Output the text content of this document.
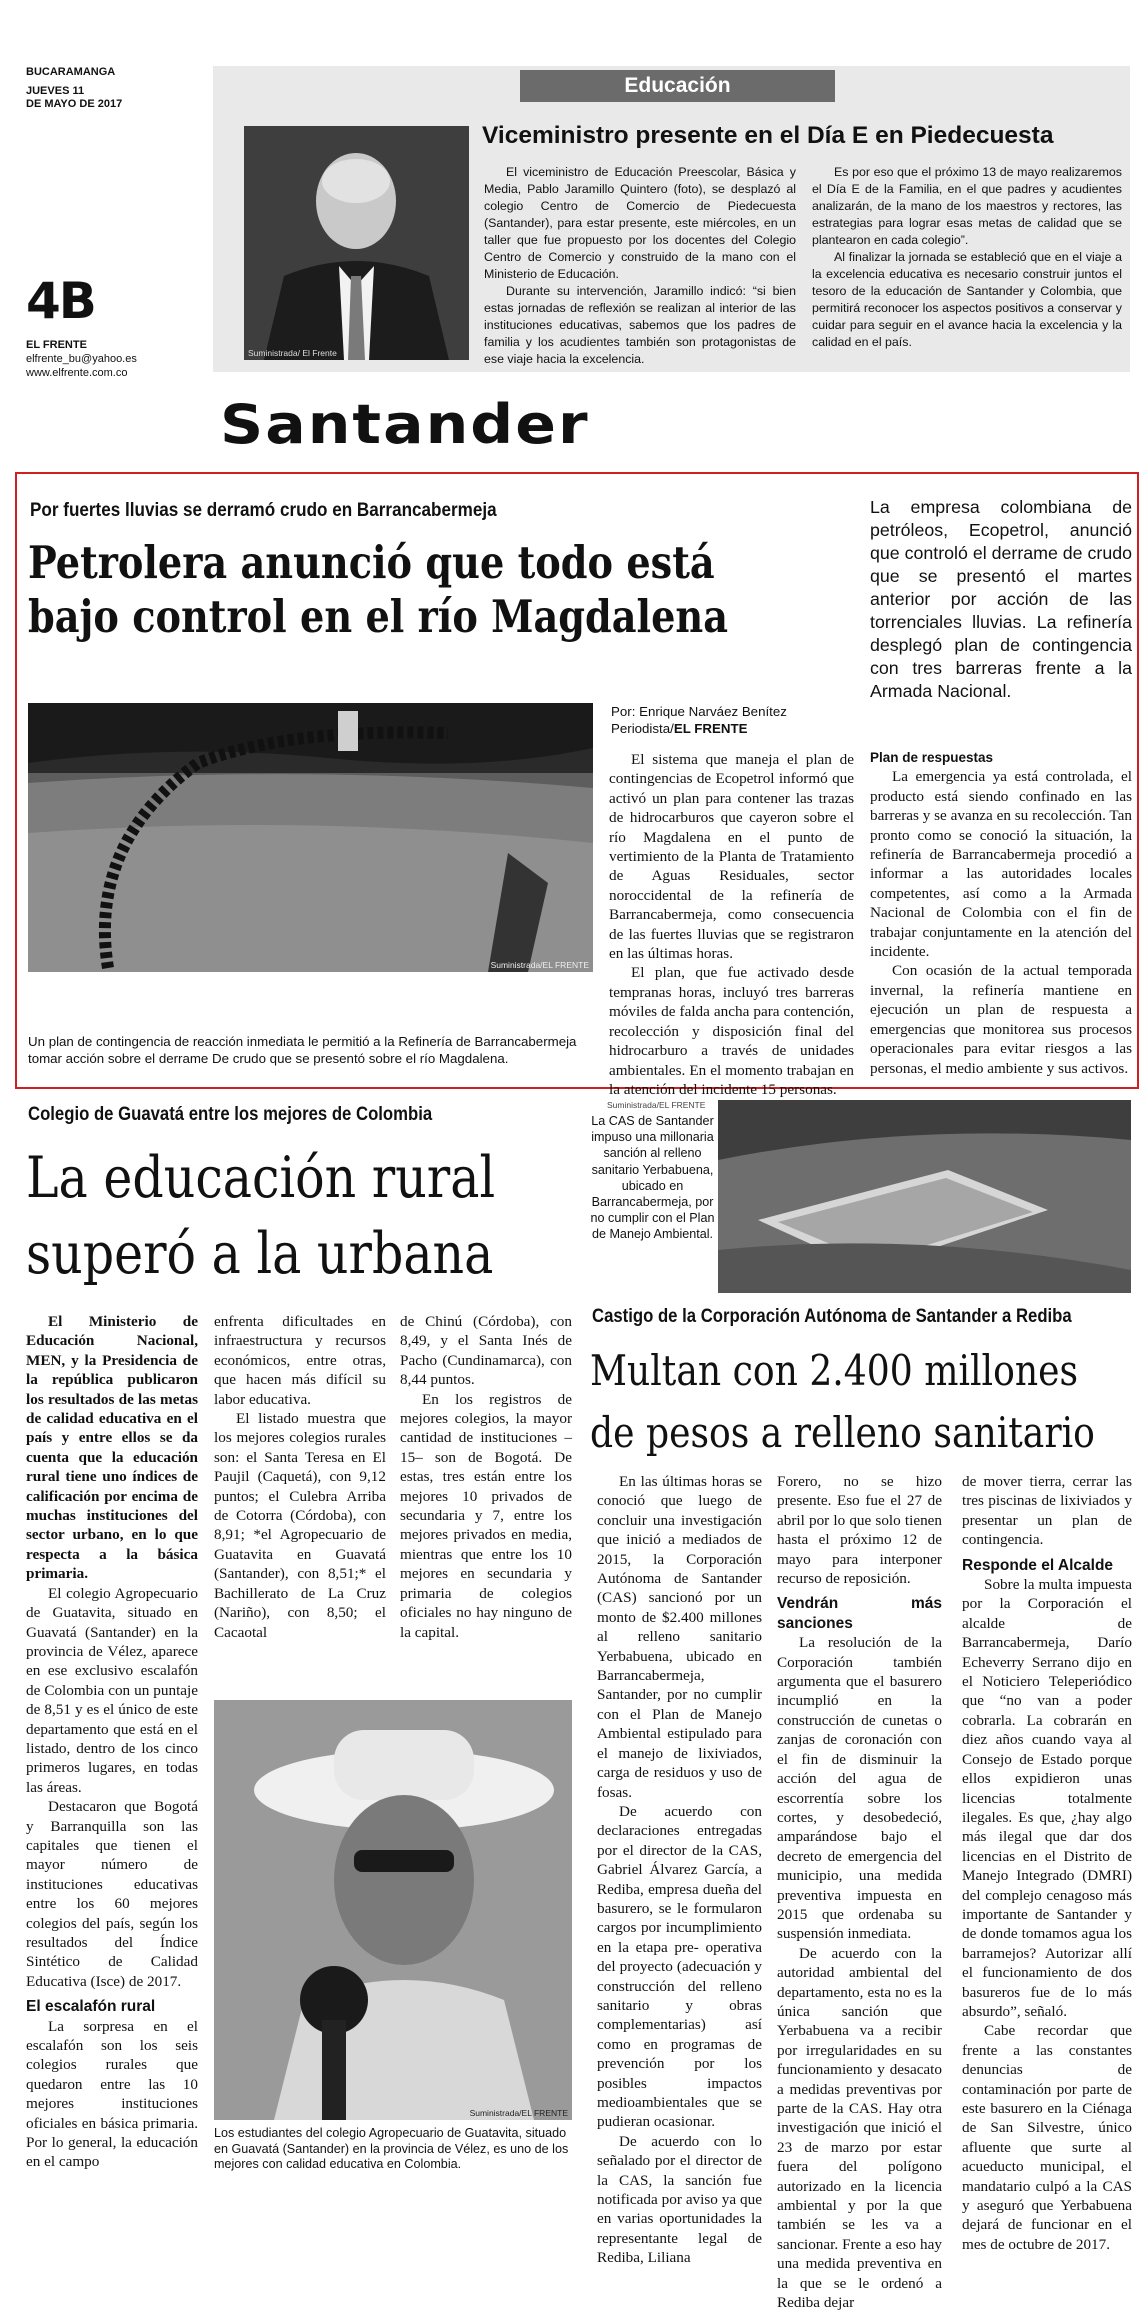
BUCARAMANGA
JUEVES 11
DE MAYO DE 2017
4B
EL FRENTE
elfrente_bu@yahoo.es
www.elfrente.com.co
Santander
Educación
Viceministro presente en el Día E en Piedecuesta
Suministrada/ El Frente

El viceministro de Educación Preescolar, Básica y Media, Pablo Jaramillo Quintero (foto), se desplazó al colegio Centro de Comercio de Piedecuesta (Santander), para estar presente, este miércoles, en un taller que fue propuesto por los docentes del Colegio Centro de Comercio y construido de la mano con el Ministerio de Educación.

Durante su intervención, Jaramillo indicó: “si bien estas jornadas de reflexión se realizan al interior de las instituciones educativas, sabemos que los padres de familia y los acudientes también son protagonistas de ese viaje hacia la excelencia.

Es por eso que el próximo 13 de mayo realizaremos el Día E de la Familia, en el que padres y acudientes analizarán, de la mano de los maestros y rectores, las estrategias para lograr esas metas de calidad que se plantearon en cada colegio”.

Al finalizar la jornada se estableció que en el viaje a la excelencia educativa es necesario construir juntos el tesoro de la educación de Santander y Colombia, que permitirá reconocer los aspectos positivos a conservar y cuidar para seguir en el avance hacia la excelencia y la calidad en el país.

Por fuertes lluvias se derramó crudo en Barrancabermeja
Petrolera anunció que todo está
bajo control en el río Magdalena
La empresa colombiana de petróleos, Ecopetrol, anunció que controló el derrame de crudo que se presentó el martes anterior por acción de las torrenciales lluvias. La refinería desplegó plan de contingencia con tres barreras frente a la Armada Nacional.
Suministrada/EL FRENTE
Un plan de contingencia de reacción inmediata le permitió a la Refinería de Barrancabermeja tomar acción sobre el derrame De crudo que se presentó sobre el río Magdalena.
Por: Enrique Narváez Benítez
Periodista/EL FRENTE

El sistema que maneja el plan de contingencias de Ecopetrol informó que activó un plan para contener las trazas de hidrocarburos que cayeron sobre el río Magdalena en el punto de vertimiento de la Planta de Tratamiento de Aguas Residuales, sector noroccidental de la refinería de Barrancabermeja, como consecuencia de las fuertes lluvias que se registraron en las últimas horas.

El plan, que fue activado desde tempranas horas, incluyó tres barreras móviles de falda ancha para contención, recolección y disposición final del hidrocarburo a través de unidades ambientales. En el momento trabajan en la atención del incidente 15 personas.

Plan de respuestas

La emergencia ya está controlada, el producto está siendo confinado en las barreras y se avanza en su recolección. Tan pronto como se conoció la situación, la refinería de Barrancabermeja procedió a informar a las autoridades locales competentes, así como a la Armada Nacional de Colombia con el fin de trabajar conjuntamente en la atención del incidente.

Con ocasión de la actual temporada invernal, la refinería mantiene en ejecución un plan de respuesta a emergencias que monitorea sus procesos operacionales para evitar riesgos a las personas, el medio ambiente y sus activos.

Colegio de Guavatá entre los mejores de Colombia
La educación rural
superó a la urbana

El Ministerio de Educación Nacional, MEN, y la Presidencia de la república publicaron los resultados de las metas de calidad educativa en el país y entre ellos se da cuenta que la educación rural tiene uno índices de calificación por encima de muchas instituciones del sector urbano, en lo que respecta a la básica primaria.

El colegio Agropecuario de Guatavita, situado en Guavatá (Santander) en la provincia de Vélez, aparece en ese exclusivo escalafón de Colombia con un puntaje de 8,51 y es el único de este departamento que está en el listado, dentro de los cinco primeros lugares, en todas las áreas.

Destacaron que Bogotá y Barranquilla son las capitales que tienen el mayor número de instituciones educativas entre los 60 mejores colegios del país, según los resultados del Índice Sintético de Calidad Educativa (Isce) de 2017.

El escalafón rural

La sorpresa en el escalafón son los seis colegios rurales que quedaron entre las 10 mejores instituciones oficiales en básica primaria. Por lo general, la educación en el campo

enfrenta dificultades en infraestructura y recursos económicos, entre otras, que hacen más difícil su labor educativa.

El listado muestra que los mejores colegios rurales son: el Santa Teresa en El Paujil (Caquetá), con 9,12 puntos; el Culebra Arriba de Cotorra (Córdoba), con 8,91; *el Agropecuario de Guatavita en Guavatá (Santander), con 8,51;* el Bachillerato de La Cruz (Nariño), con 8,50; el Cacaotal

de Chinú (Córdoba), con 8,49, y el Santa Inés de Pacho (Cundinamarca), con 8,44 puntos.

En los registros de mejores colegios, la mayor cantidad de instituciones –15– son de Bogotá. De estas, tres están entre los mejores 10 privados de secundaria y 7, entre los mejores privados en media, mientras que entre los 10 mejores en secundaria y primaria de colegios oficiales no hay ninguno de la capital.

Suministrada/EL FRENTE
Los estudiantes del colegio Agropecuario de Guatavita, situado en Guavatá (Santander) en la provincia de Vélez, es uno de los mejores con calidad educativa en Colombia.
Suministrada/EL FRENTE
La CAS de Santander impuso una millonaria sanción al relleno sanitario Yerbabuena, ubicado en Barrancabermeja, por no cumplir con el Plan de Manejo Ambiental.
Castigo de la Corporación Autónoma de Santander a Rediba
Multan con 2.400 millones
de pesos a relleno sanitario

En las últimas horas se conoció que luego de concluir una investigación que inició a mediados de 2015, la Corporación Autónoma de Santander (CAS) sancionó por un monto de $2.400 millones al relleno sanitario Yerbabuena, ubicado en Barrancabermeja, Santander, por no cumplir con el Plan de Manejo Ambiental estipulado para el manejo de lixiviados, carga de residuos y uso de fosas.

De acuerdo con declaraciones entregadas por el director de la CAS, Gabriel Álvarez García, a Rediba, empresa dueña del basurero, se le formularon cargos por incumplimiento en la etapa pre- operativa del proyecto (adecuación y construcción del relleno sanitario y obras complementarias) así como en programas de prevención por los posibles impactos medioambientales que se pudieran ocasionar.

De acuerdo con lo señalado por el director de la CAS, la sanción fue notificada por aviso ya que en varias oportunidades la representante legal de Rediba, Liliana

Forero, no se hizo presente. Eso fue el 27 de abril por lo que solo tienen hasta el próximo 12 de mayo para interponer recurso de reposición.

Vendrán más sanciones

La resolución de la Corporación también argumenta que el basurero incumplió en la construcción de cunetas o zanjas de coronación con el fin de disminuir la acción del agua de escorrentía sobre los cortes, y desobedeció, amparándose bajo el decreto de emergencia del municipio, una medida preventiva impuesta en 2015 que ordenaba su suspensión inmediata.

De acuerdo con la autoridad ambiental del departamento, esta no es la única sanción que Yerbabuena va a recibir por irregularidades en su funcionamiento y desacato a medidas preventivas por parte de la CAS. Hay otra investigación que inició el 23 de marzo por estar fuera del polígono autorizado en la licencia ambiental y por la que también se les va a sancionar. Frente a eso hay una medida preventiva en la que se le ordenó a Rediba dejar

de mover tierra, cerrar las tres piscinas de lixiviados y presentar un plan de contingencia.

Responde el Alcalde

Sobre la multa impuesta por la Corporación el alcalde de Barrancabermeja, Darío Echeverry Serrano dijo en el Noticiero Teleperiódico que “no van a poder cobrarla. La cobrarán en diez años cuando vaya al Consejo de Estado porque ellos expidieron unas licencias totalmente ilegales. Es que, ¿hay algo más ilegal que dar dos licencias en el Distrito de Manejo Integrado (DMRI) del complejo cenagoso más importante de Santander y de donde tomamos agua los barramejos? Autorizar allí el funcionamiento de dos basureros fue de lo más absurdo”, señaló.

Cabe recordar que frente a las constantes denuncias de contaminación por parte de este basurero en la Ciénaga de San Silvestre, único afluente que surte al acueducto municipal, el mandatario culpó a la CAS y aseguró que Yerbabuena dejará de funcionar en el mes de octubre de 2017.
